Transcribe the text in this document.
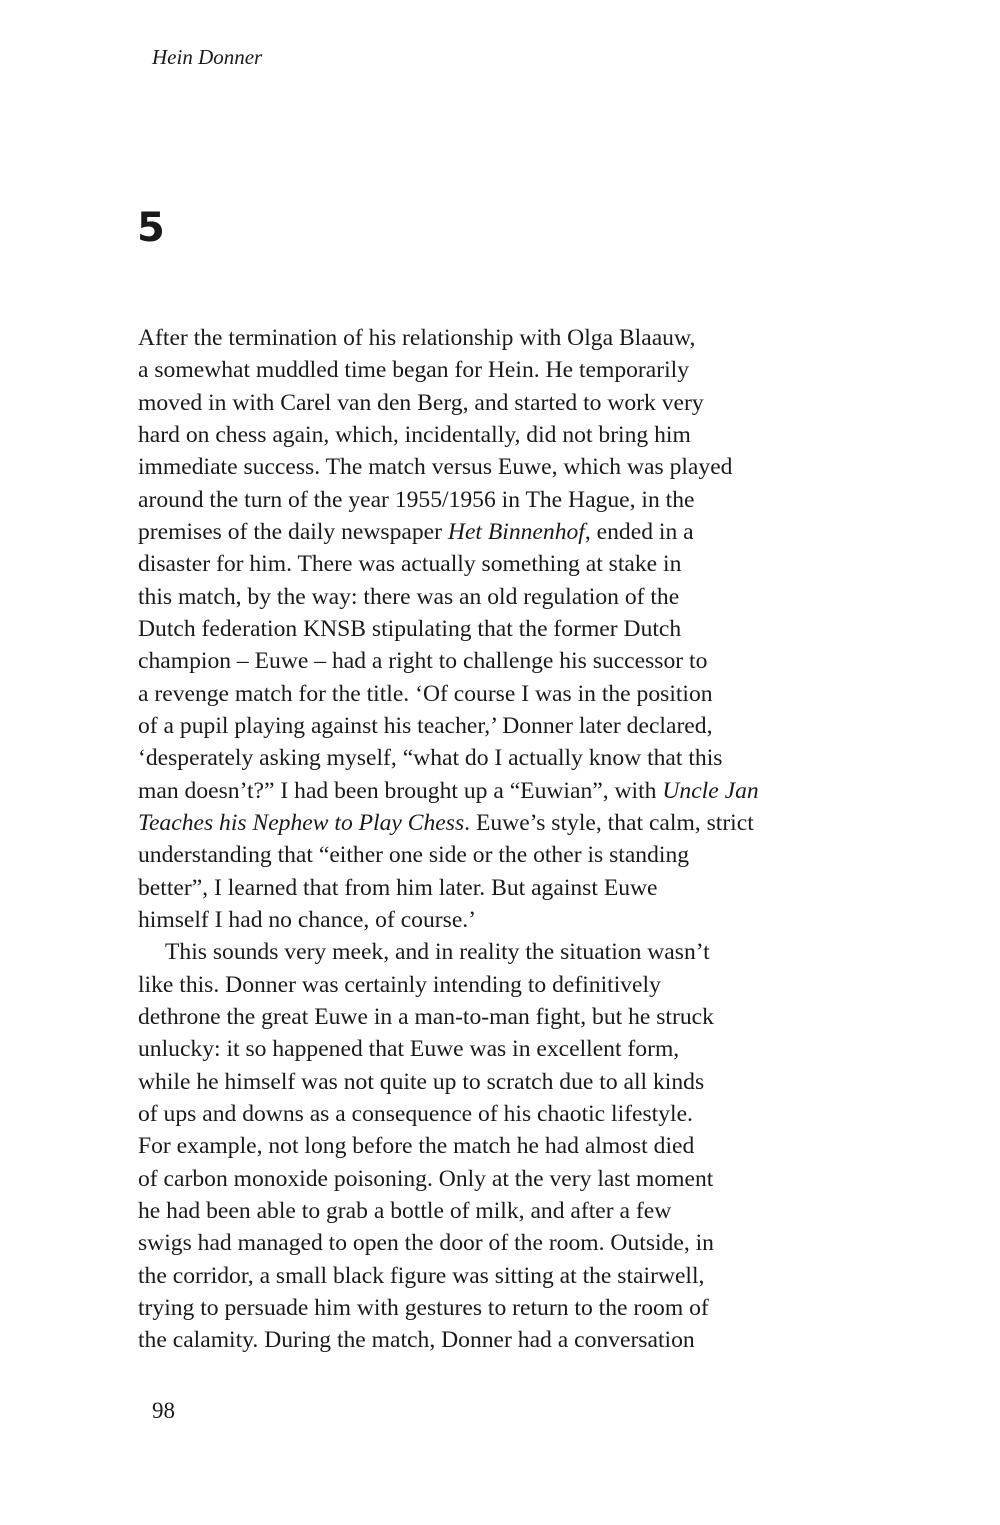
Hein Donner

5
After the termination of his relationship with Olga Blaauw,
a somewhat muddled time began for Hein. He temporarily
moved in with Carel van den Berg, and started to work very
hard on chess again, which, incidentally, did not bring him
immediate success. The match versus Euwe, which was played
around the turn of the year 1955/1956 in The Hague, in the
premises of the daily newspaper Het Binnenhof, ended in a
disaster for him. There was actually something at stake in
this match, by the way: there was an old regulation of the
Dutch federation KNSB stipulating that the former Dutch
champion – Euwe – had a right to challenge his successor to
a revenge match for the title. ‘Of course I was in the position
of a pupil playing against his teacher,’ Donner later declared,
‘desperately asking myself, “what do I actually know that this
man doesn’t?” I had been brought up a “Euwian”, with Uncle Jan
Teaches his Nephew to Play Chess. Euwe’s style, that calm, strict
understanding that “either one side or the other is standing
better”, I learned that from him later. But against Euwe
himself I had no chance, of course.’
This sounds very meek, and in reality the situation wasn’t
like this. Donner was certainly intending to definitively
dethrone the great Euwe in a man-to-man fight, but he struck
unlucky: it so happened that Euwe was in excellent form,
while he himself was not quite up to scratch due to all kinds
of ups and downs as a consequence of his chaotic lifestyle.
For example, not long before the match he had almost died
of carbon monoxide poisoning. Only at the very last moment
he had been able to grab a bottle of milk, and after a few
swigs had managed to open the door of the room. Outside, in
the corridor, a small black figure was sitting at the stairwell,
trying to persuade him with gestures to return to the room of
the calamity. During the match, Donner had a conversation

98
